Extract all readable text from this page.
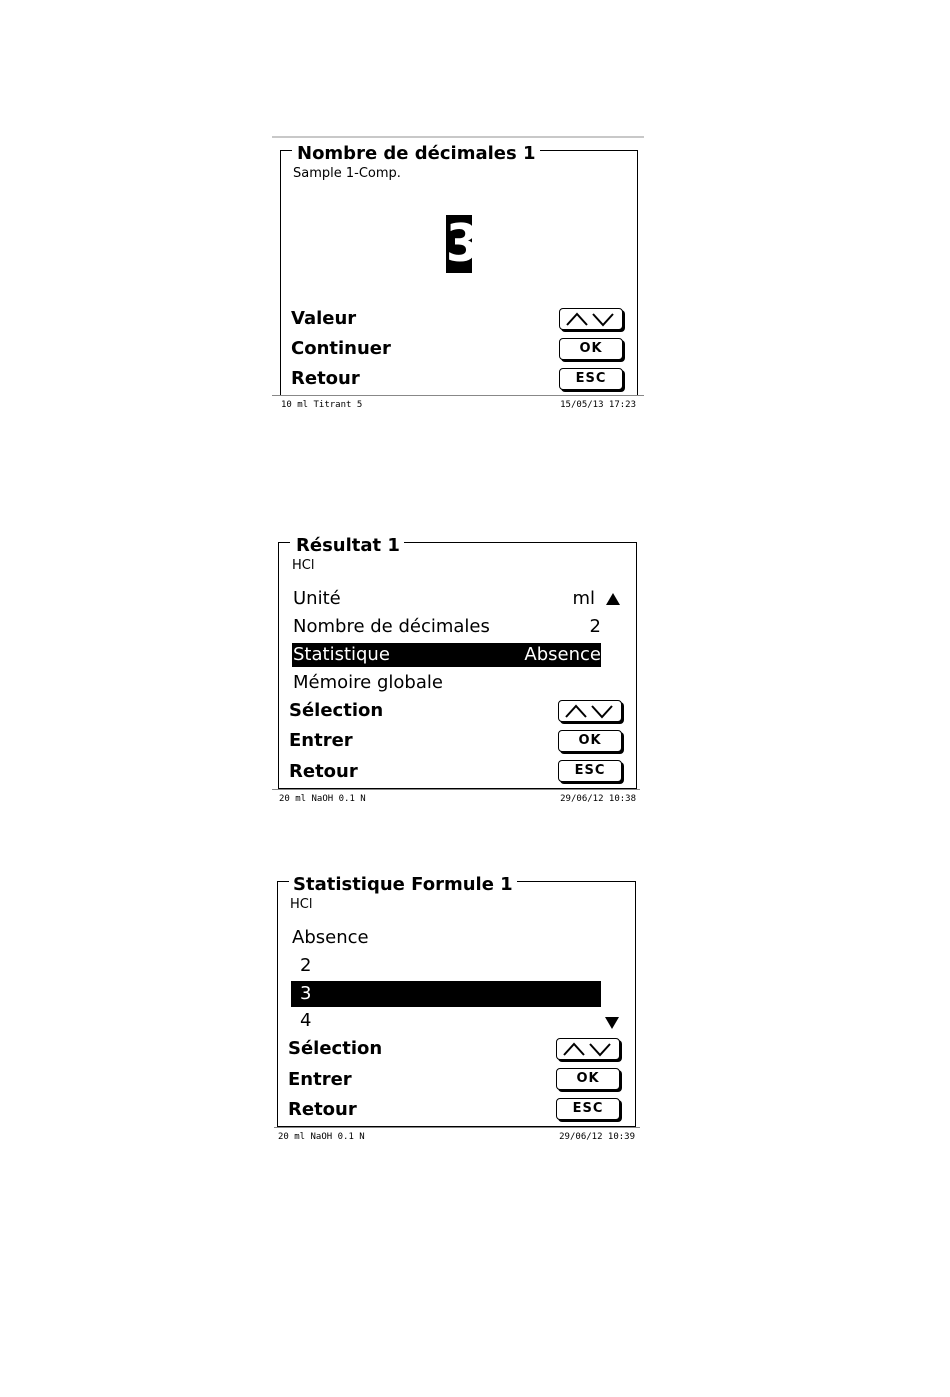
Nombre de décimales 1
Sample 1-Comp.
3
Valeur
Continuer	OK
Retour	ESC
10 ml Titrant 5	15/05/13 17:23
Résultat 1
HCl
Unité	ml
Nombre de décimales	2
Statistique	Absence
Mémoire globale
Sélection
Entrer	OK
Retour	ESC
20 ml NaOH 0.1 N	29/06/12 10:38
Statistique Formule 1
HCl
Absence
2
3
4
Sélection
Entrer	OK
Retour	ESC
20 ml NaOH 0.1 N	29/06/12 10:39
